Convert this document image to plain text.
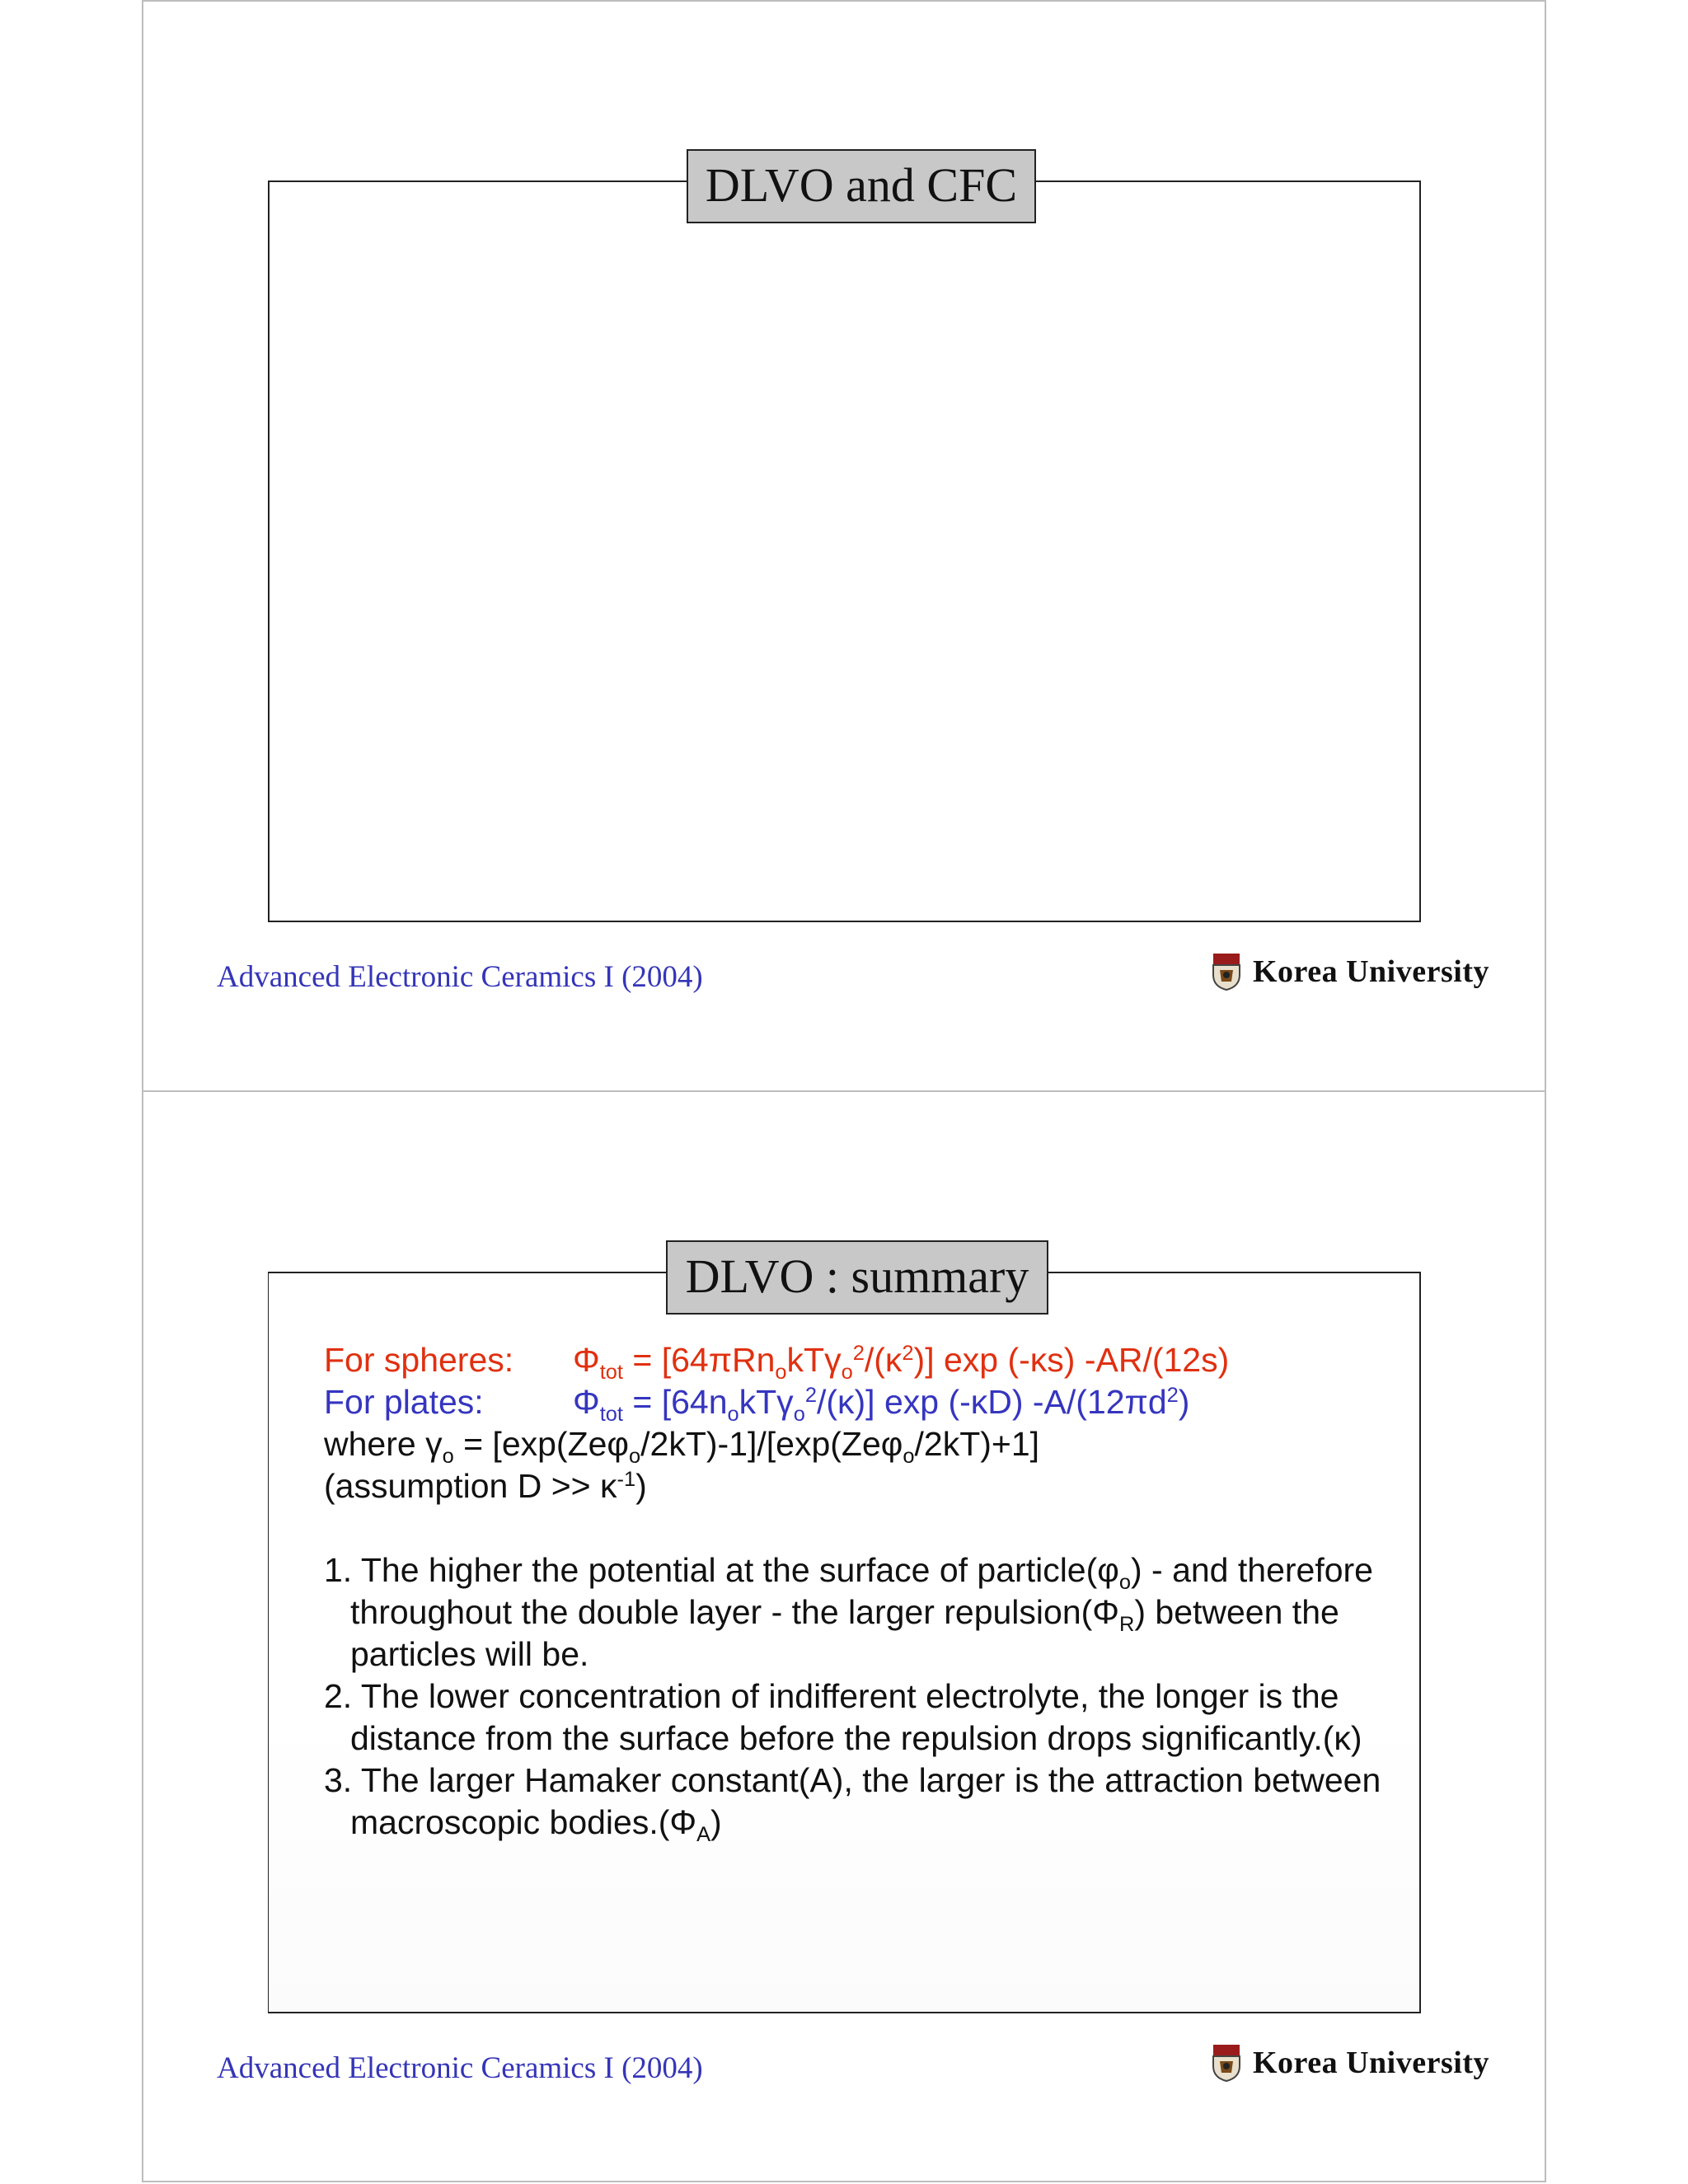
DLVO and CFC
Advanced Electronic Ceramics I (2004)	Korea University
DLVO : summary
For spheres: $\Phi_{tot} = [64\pi Rn_okT\gamma_o^2/(\kappa^2)]$ exp (-κs) -AR/(12s)
For plates:	$\Phi_{tot} = [64n_okT\gamma_o^2/(\kappa)]$ exp (-κD) $-A/(12\pi d^2)$
where $\gamma_o = [\exp(Ze\varphi_o/2kT)-1]/[\exp(Ze\varphi_o/2kT)+1]$
(assumption $D >> \kappa^{-1}$)
1. The higher the potential at the surface of $particle(\varphi_o)$ - and therefore
throughout the double layer - the larger $repulsion(\Phi_R)$ between the
particles will be.
2. The lower concentration of indifferent electrolyte, the longer is the
distance from the surface before the repulsion drops significantly.(κ)
3. The larger Hamaker constant(A), the larger is the attraction between
macroscopic $bodies.(\Phi_A)$
Advanced Electronic Ceramics I (2004)	Korea University
